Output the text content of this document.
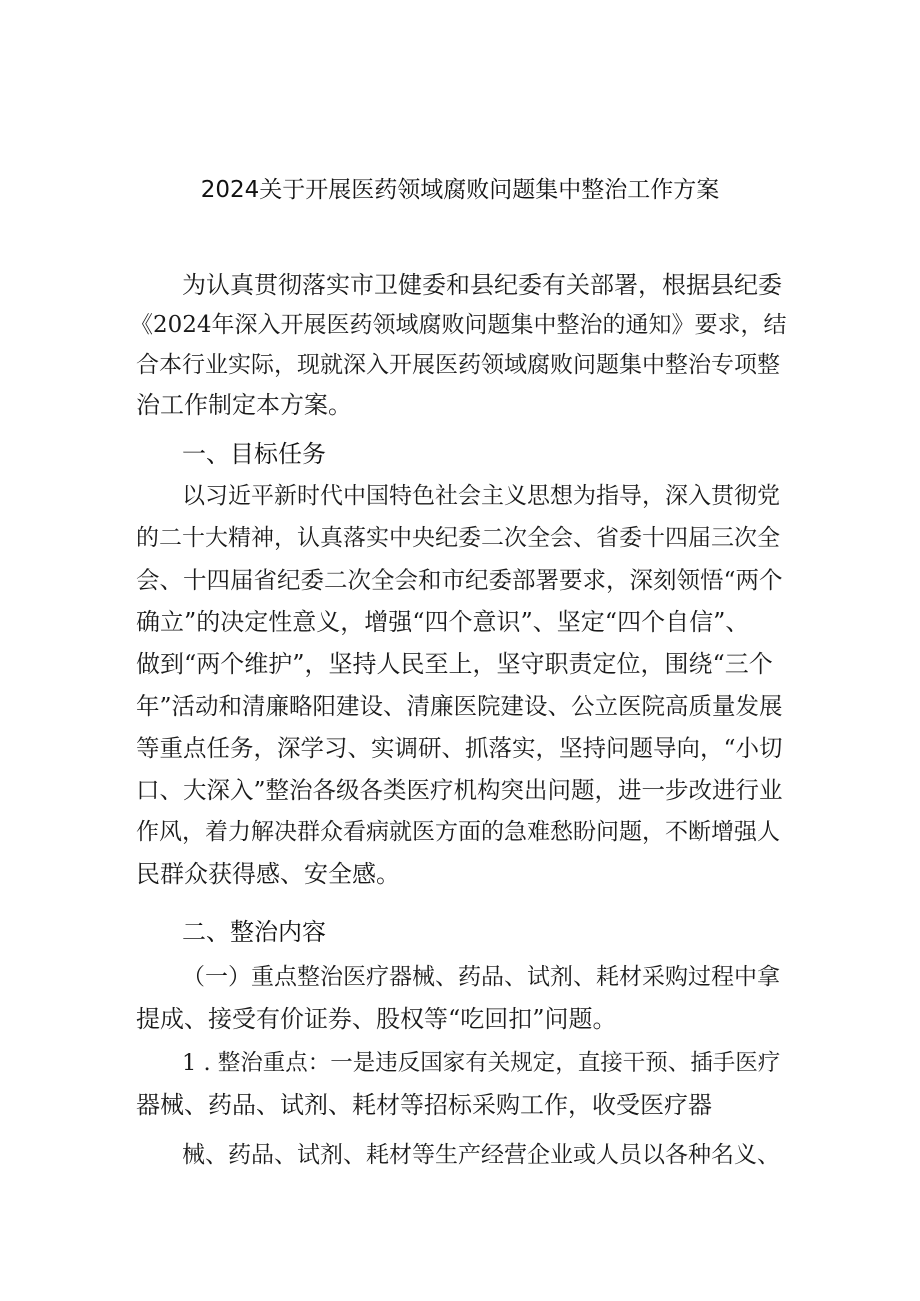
2024关于开展医药领域腐败问题集中整治工作方案
为认真贯彻落实市卫健委和县纪委有关部署，根据县纪委
《2024年深入开展医药领域腐败问题集中整治的通知》要求，结
合本行业实际，现就深入开展医药领域腐败问题集中整治专项整
治工作制定本方案。
一、目标任务
以习近平新时代中国特色社会主义思想为指导，深入贯彻党
的二十大精神，认真落实中央纪委二次全会、省委十四届三次全
会、十四届省纪委二次全会和市纪委部署要求，深刻领悟“两个
确立”的决定性意义，增强“四个意识”、坚定“四个自信”、
做到“两个维护”，坚持人民至上，坚守职责定位，围绕“三个
年”活动和清廉略阳建设、清廉医院建设、公立医院高质量发展
等重点任务，深学习、实调研、抓落实，坚持问题导向，“小切
口、大深入”整治各级各类医疗机构突出问题，进一步改进行业
作风，着力解决群众看病就医方面的急难愁盼问题，不断增强人
民群众获得感、安全感。
二、整治内容
（一）重点整治医疗器械、药品、试剂、耗材采购过程中拿
提成、接受有价证券、股权等“吃回扣”问题。
1 . 整治重点：一是违反国家有关规定，直接干预、插手医疗
器械、药品、试剂、耗材等招标采购工作，收受医疗器
械、药品、试剂、耗材等生产经营企业或人员以各种名义、
